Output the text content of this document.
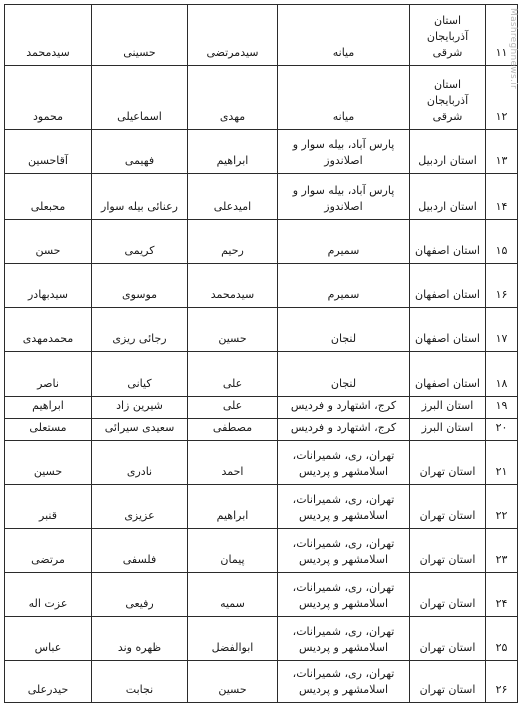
۱۱	استان آذربایجان شرقی	میانه	سیدمرتضی	حسینی	سیدمحمد
۱۲	استان آذربایجان شرقی	میانه	مهدی	اسماعیلی	محمود
۱۳	استان اردبیل	پارس آباد، بیله سوار و اصلاندوز	ابراهیم	فهیمی	آقاحسین
۱۴	استان اردبیل	پارس آباد، بیله سوار و اصلاندوز	امیدعلی	رعنائی بیله سوار	محبعلی
۱۵	استان اصفهان	سمیرم	رحیم	کریمی	حسن
۱۶	استان اصفهان	سمیرم	سیدمحمد	موسوی	سیدبهادر
۱۷	استان اصفهان	لنجان	حسین	رجائی ریزی	محمدمهدی
۱۸	استان اصفهان	لنجان	علی	کیانی	ناصر
۱۹	استان البرز	کرج، اشتهارد و فردیس	علی	شیرین زاد	ابراهیم
۲۰	استان البرز	کرج، اشتهارد و فردیس	مصطفی	سعیدی سیرائی	مستعلی
۲۱	استان تهران	تهران، ری، شمیرانات، اسلامشهر و پردیس	احمد	نادری	حسین
۲۲	استان تهران	تهران، ری، شمیرانات، اسلامشهر و پردیس	ابراهیم	عزیزی	قنبر
۲۳	استان تهران	تهران، ری، شمیرانات، اسلامشهر و پردیس	پیمان	فلسفی	مرتضی
۲۴	استان تهران	تهران، ری، شمیرانات، اسلامشهر و پردیس	سمیه	رفیعی	عزت اله
۲۵	استان تهران	تهران، ری، شمیرانات، اسلامشهر و پردیس	ابوالفضل	ظهره وند	عباس
۲۶	استان تهران	تهران، ری، شمیرانات، اسلامشهر و پردیس	حسین	نجابت	حیدرعلی
Mashreghnews.ir
